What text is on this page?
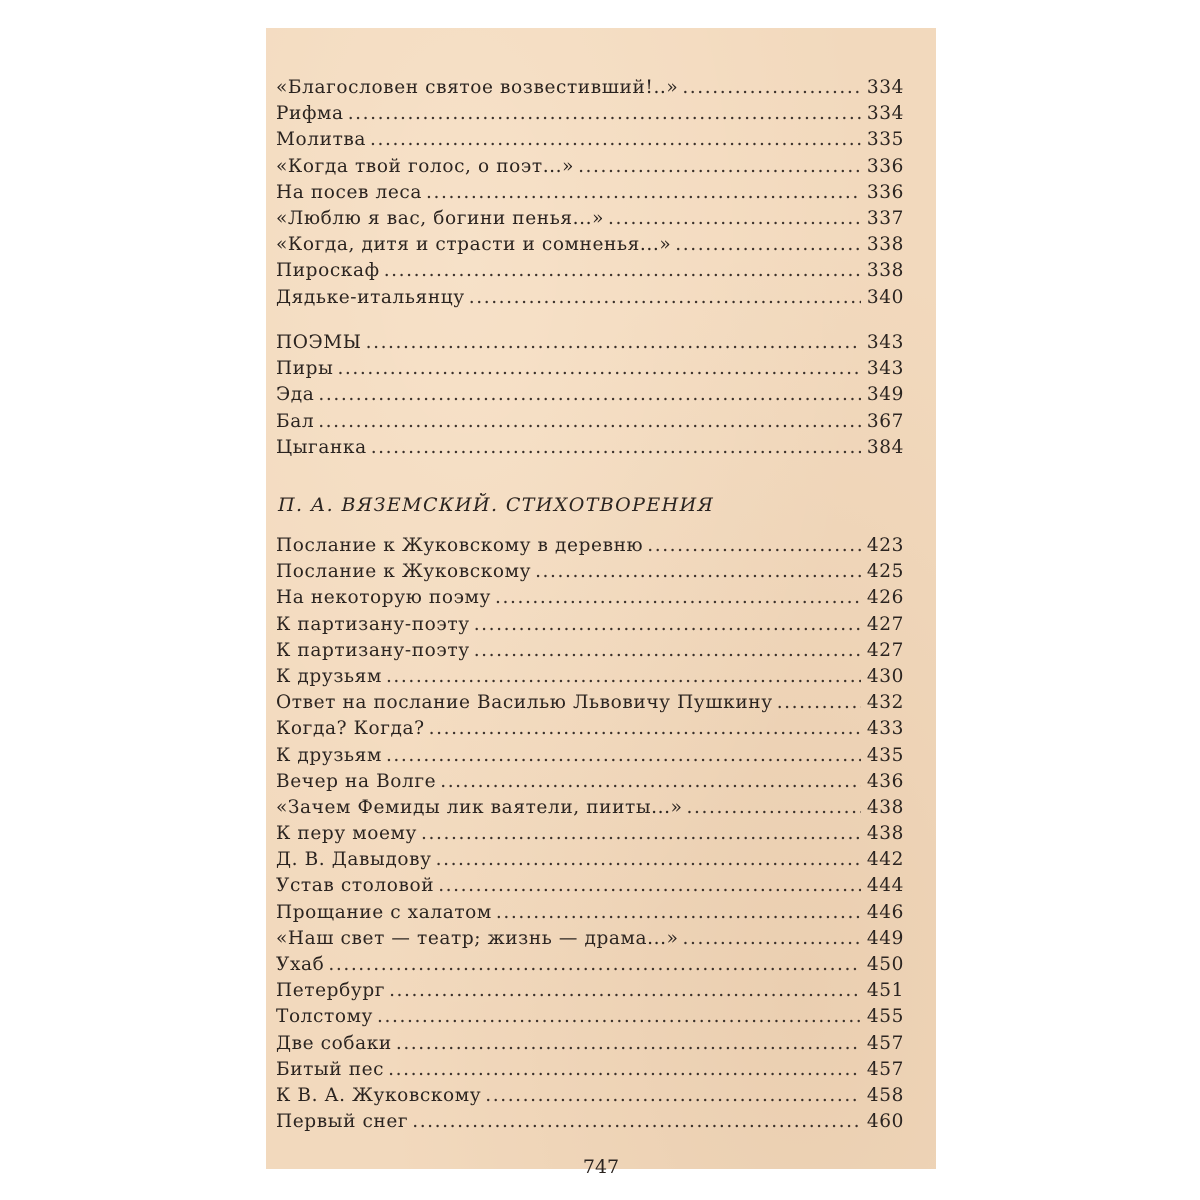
«Благословен святое возвестивший!..» .....	334
Рифма .....	334
Молитва .....	335
«Когда твой голос, о поэт...» .....	336
На посев леса .....	336
«Люблю я вас, богини пенья...» .....	337
«Когда, дитя и страсти и сомненья...» .....	338
Пироскаф .....	338
Дядьке-итальянцу .....	340
ПОЭМЫ .....	343
Пиры .....	343
Эда .....	349
Бал .....	367
Цыганка .....	384
П. А. ВЯЗЕМСКИЙ. СТИХОТВОРЕНИЯ
Послание к Жуковскому в деревню .....	423
Послание к Жуковскому .....	425
На некоторую поэму .....	426
К партизану-поэту .....	427
К партизану-поэту .....	427
К друзьям .....	430
Ответ на послание Василью Львовичу Пушкину .....	432
Когда? Когда? .....	433
К друзьям .....	435
Вечер на Волге .....	436
«Зачем Фемиды лик ваятели, пииты...» .....	438
К перу моему .....	438
Д. В. Давыдову .....	442
Устав столовой .....	444
Прощание с халатом .....	446
«Наш свет — театр; жизнь — драма...» .....	449
Ухаб .....	450
Петербург .....	451
Толстому .....	455
Две собаки .....	457
Битый пес .....	457
К В. А. Жуковскому .....	458
Первый снег .....	460
747
